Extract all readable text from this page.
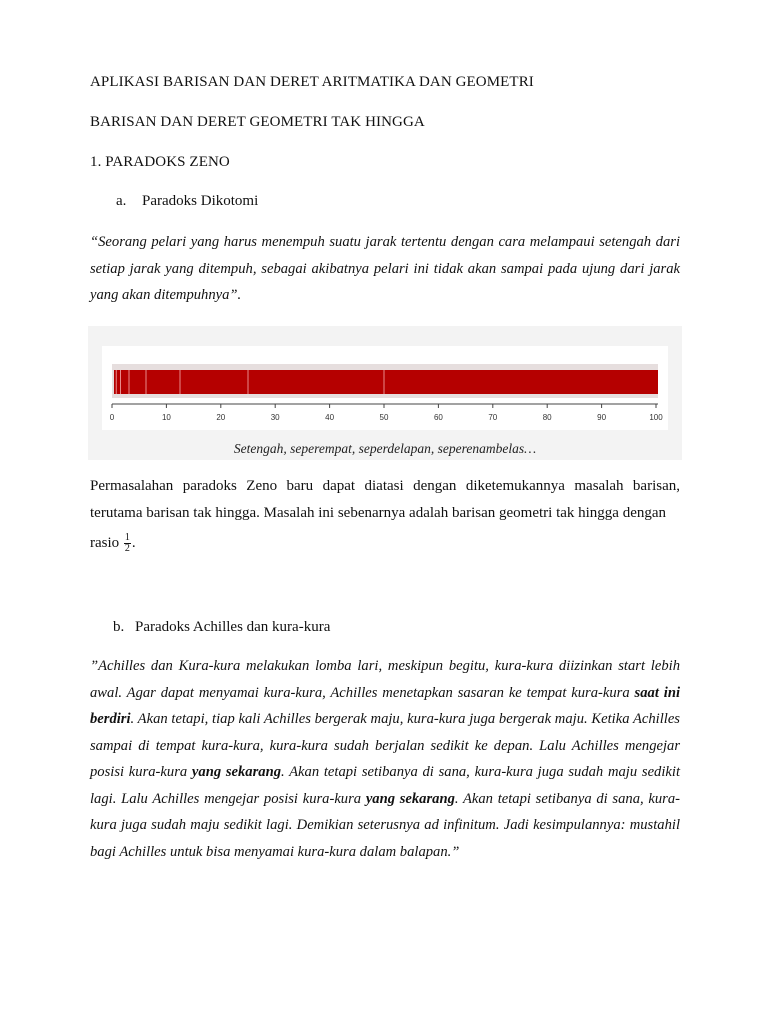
APLIKASI BARISAN DAN DERET ARITMATIKA DAN GEOMETRI
BARISAN DAN DERET GEOMETRI TAK HINGGA
1. PARADOKS ZENO
a. Paradoks Dikotomi
“Seorang pelari yang harus menempuh suatu jarak tertentu dengan cara melampaui setengah dari setiap jarak yang ditempuh, sebagai akibatnya pelari ini tidak akan sampai pada ujung dari jarak yang akan ditempuhnya”.
0	10	20	30	40	50	60	70	80	90	100
Setengah, seperempat, seperdelapan, seperenambelas…
Permasalahan paradoks Zeno baru dapat diatasi dengan diketemukannya masalah barisan, terutama barisan tak hingga. Masalah ini sebenarnya adalah barisan geometri tak hingga dengan
rasio $\frac{1}{2}$ .
b. Paradoks Achilles dan kura-kura
”Achilles dan Kura-kura melakukan lomba lari, meskipun begitu, kura-kura diizinkan start lebih awal. Agar dapat menyamai kura-kura, Achilles menetapkan sasaran ke tempat kura-kura saat ini berdiri. Akan tetapi, tiap kali Achilles bergerak maju, kura-kura juga bergerak maju. Ketika Achilles sampai di tempat kura-kura, kura-kura sudah berjalan sedikit ke depan. Lalu Achilles mengejar posisi kura-kura yang sekarang. Akan tetapi setibanya di sana, kura-kura juga sudah maju sedikit lagi. Lalu Achilles mengejar posisi kura-kura yang sekarang. Akan tetapi setibanya di sana, kura-kura juga sudah maju sedikit lagi. Demikian seterusnya ad infinitum. Jadi kesimpulannya: mustahil bagi Achilles untuk bisa menyamai kura-kura dalam balapan.”
